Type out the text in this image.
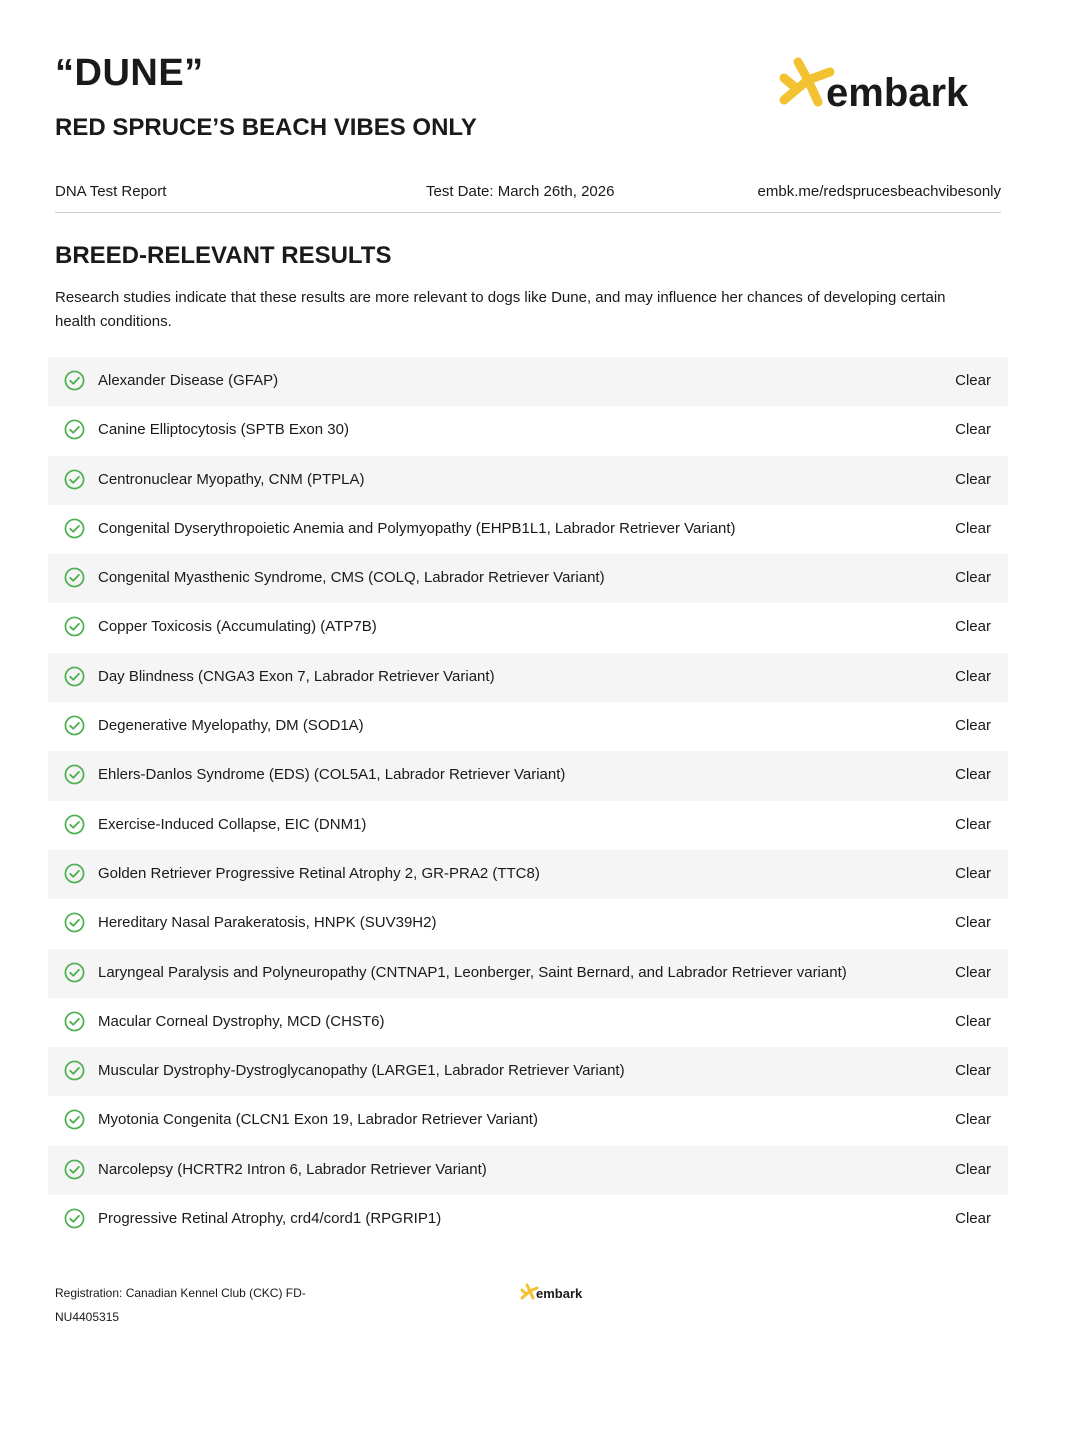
“DUNE”
RED SPRUCE’S BEACH VIBES ONLY
embark
DNA Test Report	Test Date: March 26th, 2026	embk.me/redsprucesbeachvibesonly
BREED-RELEVANT RESULTS

Research studies indicate that these results are more relevant to dogs like Dune, and may influence her chances of developing certain health conditions.

Alexander Disease (GFAP)	Clear
Canine Elliptocytosis (SPTB Exon 30)	Clear
Centronuclear Myopathy, CNM (PTPLA)	Clear
Congenital Dyserythropoietic Anemia and Polymyopathy (EHPB1L1, Labrador Retriever Variant)	Clear
Congenital Myasthenic Syndrome, CMS (COLQ, Labrador Retriever Variant)	Clear
Copper Toxicosis (Accumulating) (ATP7B)	Clear
Day Blindness (CNGA3 Exon 7, Labrador Retriever Variant)	Clear
Degenerative Myelopathy, DM (SOD1A)	Clear
Ehlers-Danlos Syndrome (EDS) (COL5A1, Labrador Retriever Variant)	Clear
Exercise-Induced Collapse, EIC (DNM1)	Clear
Golden Retriever Progressive Retinal Atrophy 2, GR-PRA2 (TTC8)	Clear
Hereditary Nasal Parakeratosis, HNPK (SUV39H2)	Clear
Laryngeal Paralysis and Polyneuropathy (CNTNAP1, Leonberger, Saint Bernard, and Labrador Retriever variant)	Clear
Macular Corneal Dystrophy, MCD (CHST6)	Clear
Muscular Dystrophy-Dystroglycanopathy (LARGE1, Labrador Retriever Variant)	Clear
Myotonia Congenita (CLCN1 Exon 19, Labrador Retriever Variant)	Clear
Narcolepsy (HCRTR2 Intron 6, Labrador Retriever Variant)	Clear
Progressive Retinal Atrophy, crd4/cord1 (RPGRIP1)	Clear
Registration: Canadian Kennel Club (CKC) FD-NU4405315
embark
